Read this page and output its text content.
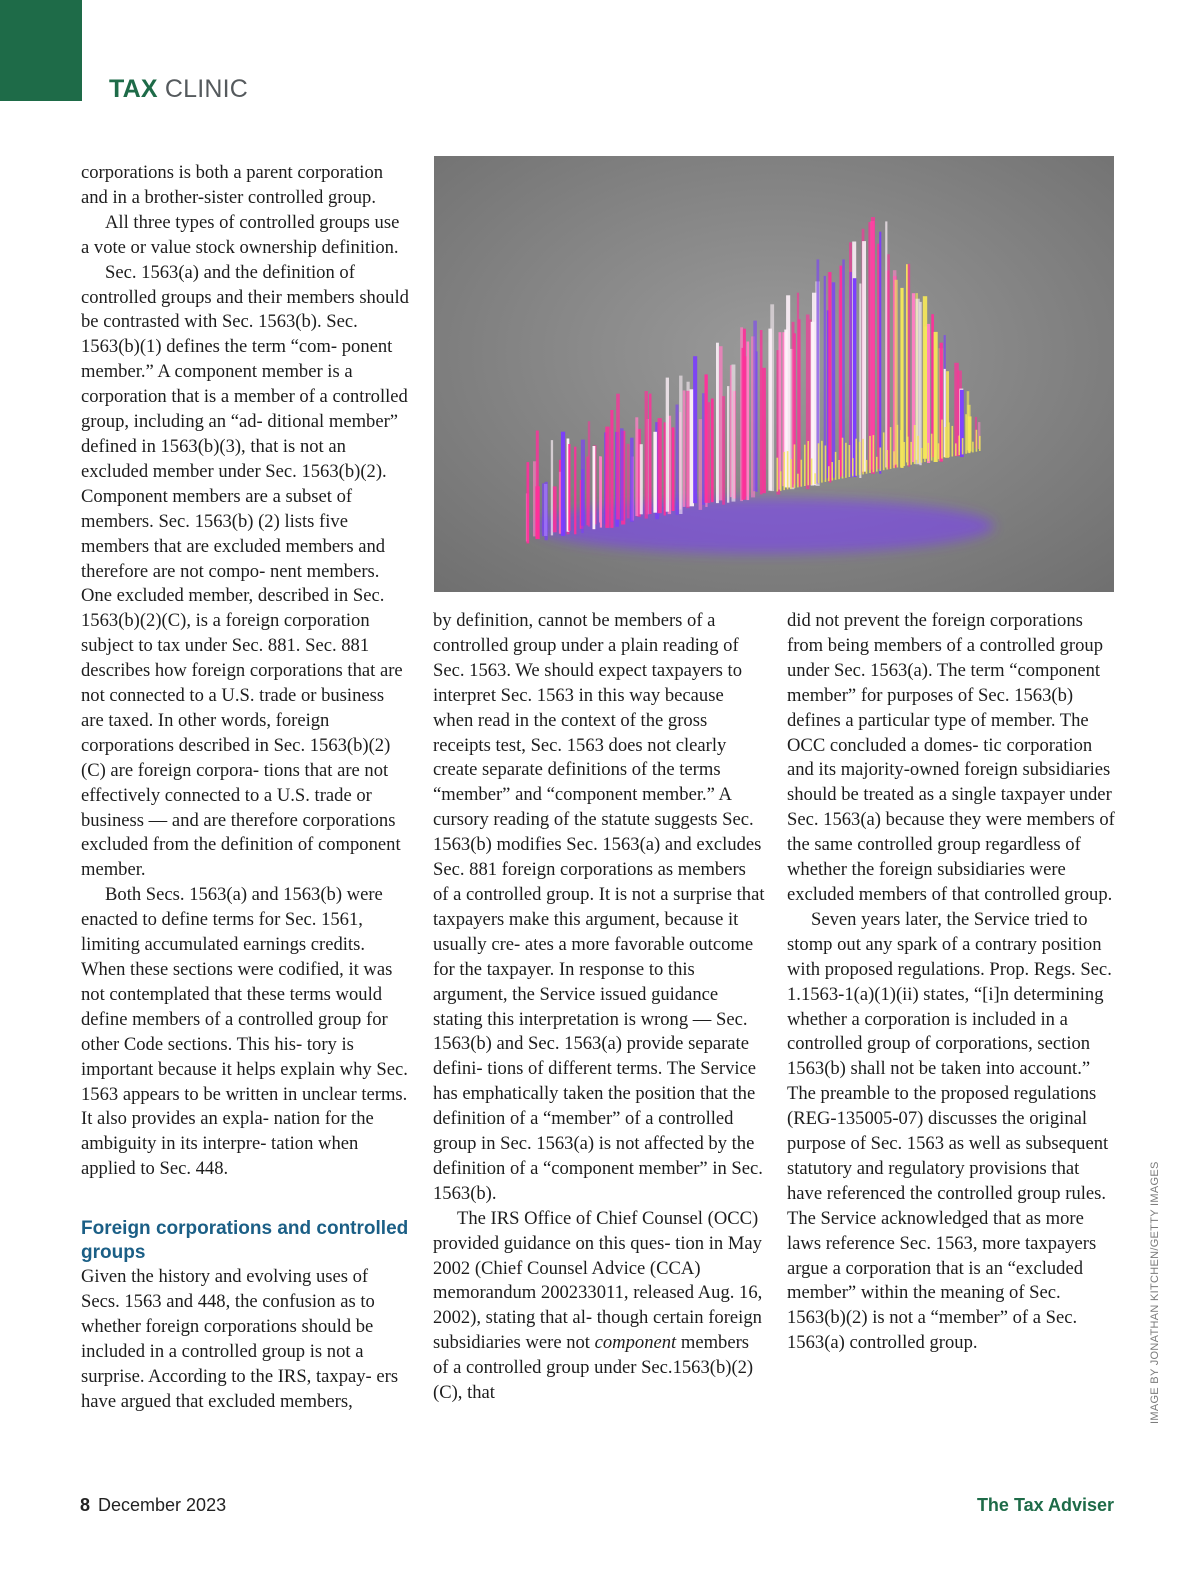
TAX CLINIC

corporations is both a parent corporation and in a brother-sister controlled group.

All three types of controlled groups use a vote or value stock ownership definition.

Sec. 1563(a) and the definition of controlled groups and their members should be contrasted with Sec. 1563(b). Sec. 1563(b)(1) defines the term “com- ponent member.” A component member is a corporation that is a member of a controlled group, including an “ad- ditional member” defined in 1563(b)(3), that is not an excluded member under Sec. 1563(b)(2). Component members are a subset of members. Sec. 1563(b) (2) lists five members that are excluded members and therefore are not compo- nent members. One excluded member, described in Sec. 1563(b)(2)(C), is a foreign corporation subject to tax under Sec. 881. Sec. 881 describes how foreign corporations that are not connected to a U.S. trade or business are taxed. In other words, foreign corporations described in Sec. 1563(b)(2)(C) are foreign corpora- tions that are not effectively connected to a U.S. trade or business — and are therefore corporations excluded from the definition of component member.

Both Secs. 1563(a) and 1563(b) were enacted to define terms for Sec. 1561, limiting accumulated earnings credits. When these sections were codified, it was not contemplated that these terms would define members of a controlled group for other Code sections. This his- tory is important because it helps explain why Sec. 1563 appears to be written in unclear terms. It also provides an expla- nation for the ambiguity in its interpre- tation when applied to Sec. 448.

Foreign corporations and controlled groups

Given the history and evolving uses of Secs. 1563 and 448, the confusion as to whether foreign corporations should be included in a controlled group is not a surprise. According to the IRS, taxpay- ers have argued that excluded members,

by definition, cannot be members of a controlled group under a plain reading of Sec. 1563. We should expect taxpayers to interpret Sec. 1563 in this way because when read in the context of the gross receipts test, Sec. 1563 does not clearly create separate definitions of the terms “member” and “component member.” A cursory reading of the statute suggests Sec. 1563(b) modifies Sec. 1563(a) and excludes Sec. 881 foreign corporations as members of a controlled group. It is not a surprise that taxpayers make this argument, because it usually cre- ates a more favorable outcome for the taxpayer. In response to this argument, the Service issued guidance stating this interpretation is wrong — Sec. 1563(b) and Sec. 1563(a) provide separate defini- tions of different terms. The Service has emphatically taken the position that the definition of a “member” of a controlled group in Sec. 1563(a) is not affected by the definition of a “component member” in Sec. 1563(b).

The IRS Office of Chief Counsel (OCC) provided guidance on this ques- tion in May 2002 (Chief Counsel Advice (CCA) memorandum 200233011, released Aug. 16, 2002), stating that al- though certain foreign subsidiaries were not component members of a controlled group under Sec.1563(b)(2)(C), that

did not prevent the foreign corporations from being members of a controlled group under Sec. 1563(a). The term “component member” for purposes of Sec. 1563(b) defines a particular type of member. The OCC concluded a domes- tic corporation and its majority-owned foreign subsidiaries should be treated as a single taxpayer under Sec. 1563(a) because they were members of the same controlled group regardless of whether the foreign subsidiaries were excluded members of that controlled group.

Seven years later, the Service tried to stomp out any spark of a contrary position with proposed regulations. Prop. Regs. Sec. 1.1563-1(a)(1)(ii) states, “[i]n determining whether a corporation is included in a controlled group of corporations, section 1563(b) shall not be taken into account.” The preamble to the proposed regulations (REG-135005-07) discusses the original purpose of Sec. 1563 as well as subsequent statutory and regulatory provisions that have referenced the controlled group rules. The Service acknowledged that as more laws reference Sec. 1563, more taxpayers argue a corporation that is an “excluded member” within the meaning of Sec. 1563(b)(2) is not a “member” of a Sec. 1563(a) controlled group.	IMAGE BY JONATHAN KITCHEN/GETTY IMAGES
8 December 2023	The Tax Adviser
